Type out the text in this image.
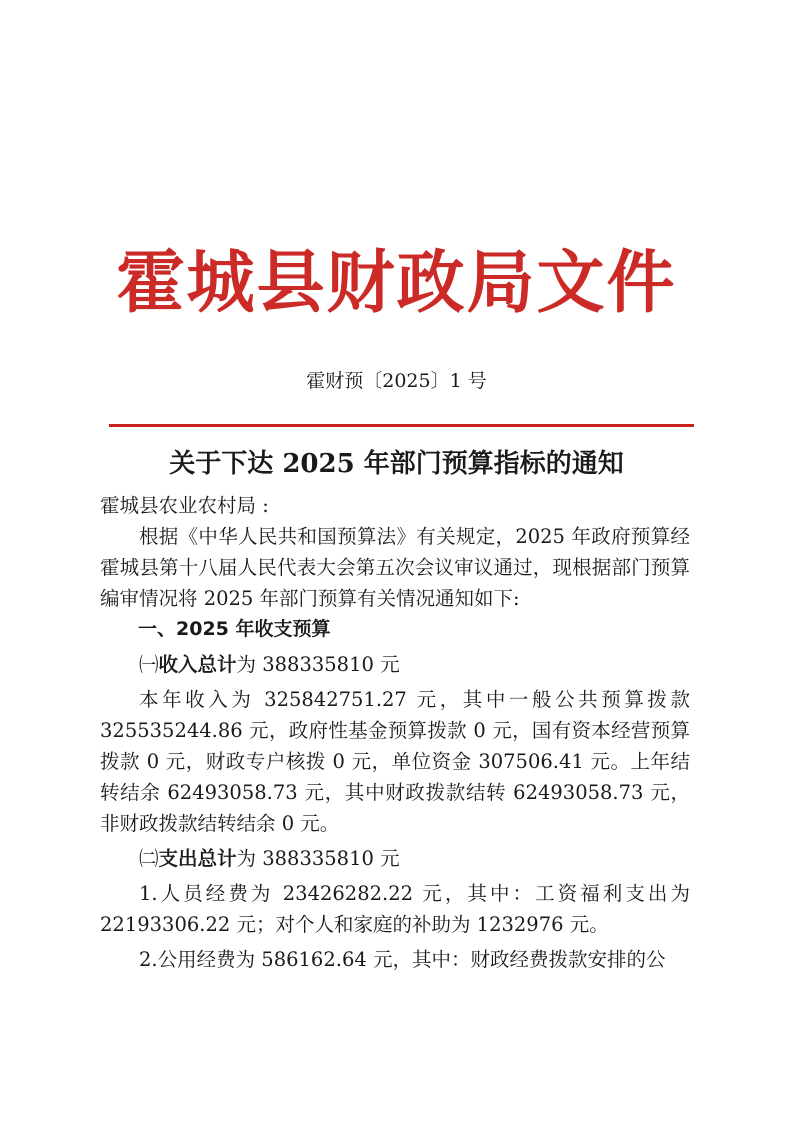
霍城县财政局文件
霍财预〔2025〕1 号
关于下达 2025 年部门预算指标的通知

霍城县农业农村局 :

根据《中华人民共和国预算法》有关规定，2025 年政府预算经霍城县第十八届人民代表大会第五次会议审议通过，现根据部门预算编审情况将 2025 年部门预算有关情况通知如下:

一、2025 年收支预算

㈠收入总计为 388335810 元

本年收入为 325842751.27 元，其中一般公共预算拨款 325535244.86 元，政府性基金预算拨款 0 元，国有资本经营预算拨款 0 元，财政专户核拨 0 元，单位资金 307506.41 元。上年结转结余 62493058.73 元，其中财政拨款结转 62493058.73 元，非财政拨款结转结余 0 元。

㈡支出总计为 388335810 元

1.人员经费为 23426282.22 元，其中：工资福利支出为 22193306.22 元；对个人和家庭的补助为 1232976 元。

2.公用经费为 586162.64 元，其中：财政经费拨款安排的公
